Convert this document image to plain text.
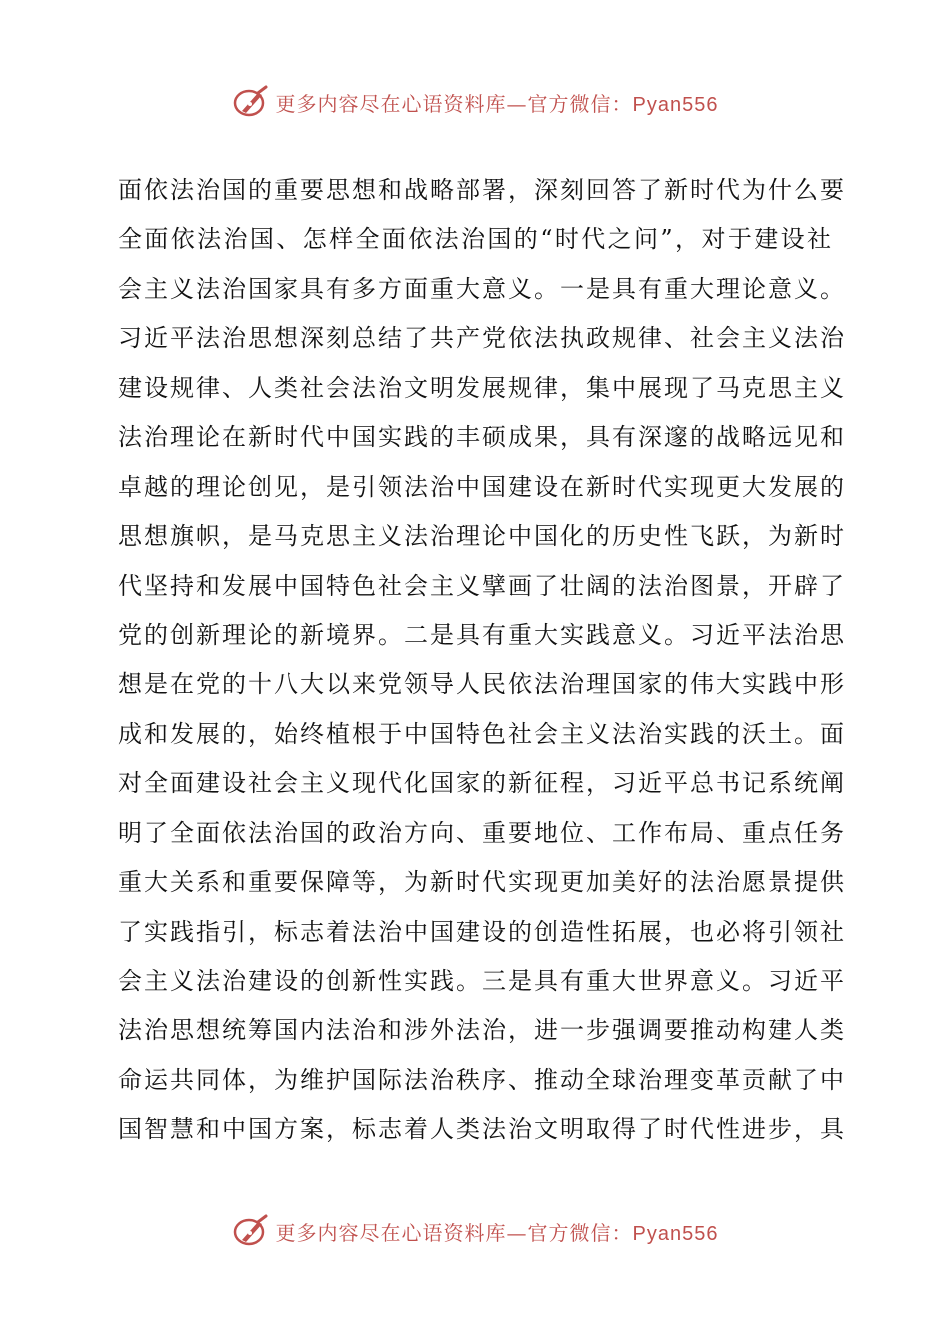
更多内容尽在心语资料库—官方微信：Pyan556
面依法治国的重要思想和战略部署，深刻回答了新时代为什么要
全面依法治国、怎样全面依法治国的“时代之问”，对于建设社
会主义法治国家具有多方面重大意义。一是具有重大理论意义。
习近平法治思想深刻总结了共产党依法执政规律、社会主义法治
建设规律、人类社会法治文明发展规律，集中展现了马克思主义
法治理论在新时代中国实践的丰硕成果，具有深邃的战略远见和
卓越的理论创见，是引领法治中国建设在新时代实现更大发展的
思想旗帜，是马克思主义法治理论中国化的历史性飞跃，为新时
代坚持和发展中国特色社会主义擘画了壮阔的法治图景，开辟了
党的创新理论的新境界。二是具有重大实践意义。习近平法治思
想是在党的十八大以来党领导人民依法治理国家的伟大实践中形
成和发展的，始终植根于中国特色社会主义法治实践的沃土。面
对全面建设社会主义现代化国家的新征程，习近平总书记系统阐
明了全面依法治国的政治方向、重要地位、工作布局、重点任务
重大关系和重要保障等，为新时代实现更加美好的法治愿景提供
了实践指引，标志着法治中国建设的创造性拓展，也必将引领社
会主义法治建设的创新性实践。三是具有重大世界意义。习近平
法治思想统筹国内法治和涉外法治，进一步强调要推动构建人类
命运共同体，为维护国际法治秩序、推动全球治理变革贡献了中
国智慧和中国方案，标志着人类法治文明取得了时代性进步，具
更多内容尽在心语资料库—官方微信：Pyan556
